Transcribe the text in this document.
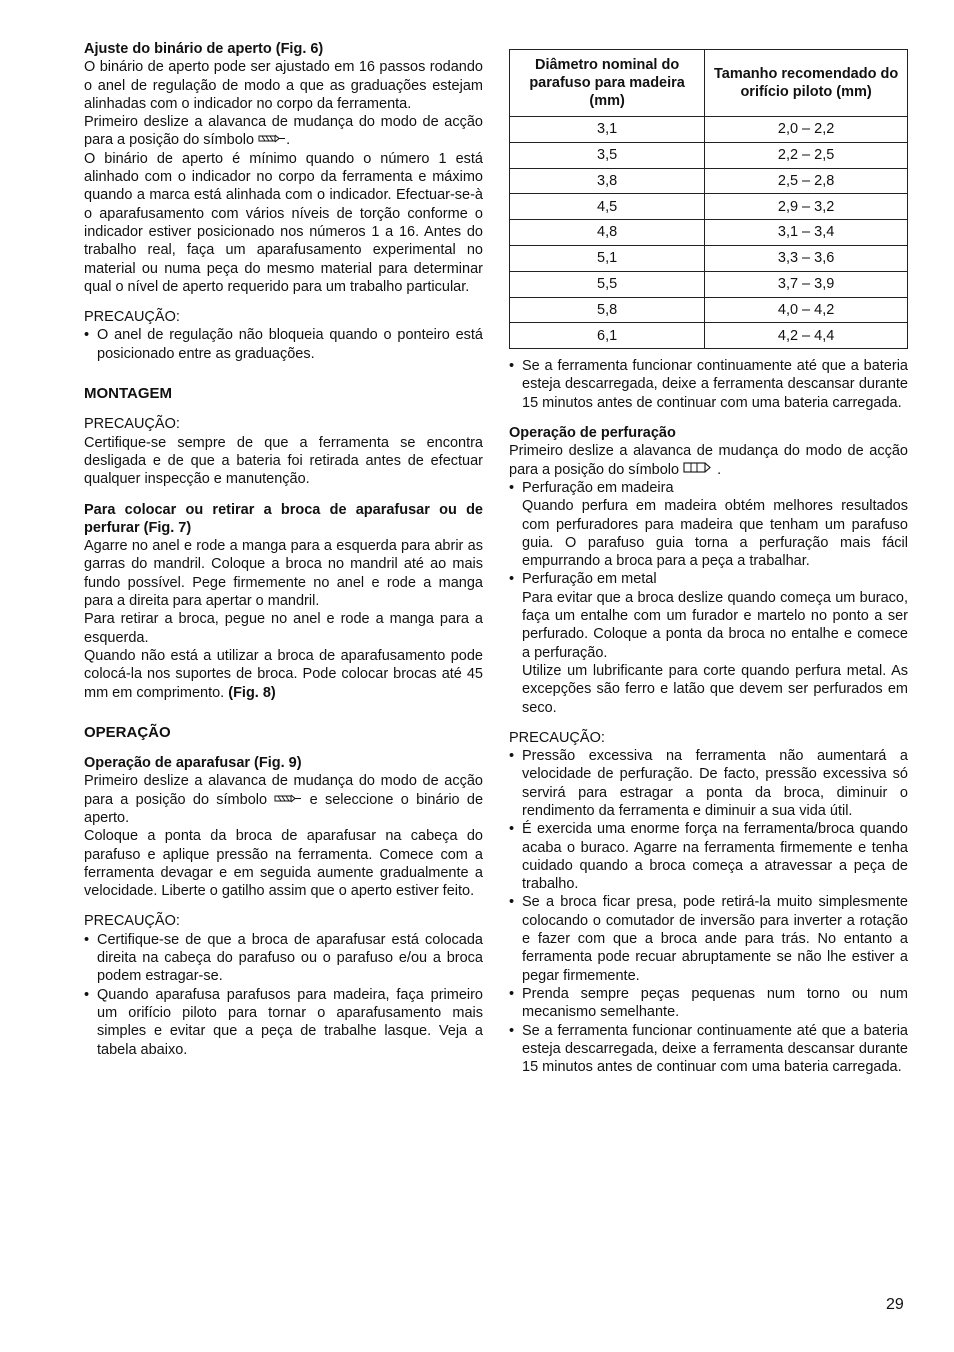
Ajuste do binário de aperto (Fig. 6)

O binário de aperto pode ser ajustado em 16 passos rodando o anel de regulação de modo a que as graduações estejam alinhadas com o indicador no corpo da ferramenta.

Primeiro deslize a alavanca de mudança do modo de acção para a posição do símbolo .

O binário de aperto é mínimo quando o número 1 está alinhado com o indicador no corpo da ferramenta e máximo quando a marca está alinhada com o indicador. Efectuar-se-à o aparafusamento com vários níveis de torção conforme o indicador estiver posicionado nos números 1 a 16. Antes do trabalho real, faça um aparafusamento experimental no material ou numa peça do mesmo material para determinar qual o nível de aperto requerido para um trabalho particular.

PRECAUÇÃO:

• O anel de regulação não bloqueia quando o ponteiro está posicionado entre as graduações.

MONTAGEM

PRECAUÇÃO:

Certifique-se sempre de que a ferramenta se encontra desligada e de que a bateria foi retirada antes de efectuar qualquer inspecção e manutenção.

Para colocar ou retirar a broca de aparafusar ou de perfurar (Fig. 7)

Agarre no anel e rode a manga para a esquerda para abrir as garras do mandril. Coloque a broca no mandril até ao mais fundo possível. Pege firmemente no anel e rode a manga para a direita para apertar o mandril.

Para retirar a broca, pegue no anel e rode a manga para a esquerda.

Quando não está a utilizar a broca de aparafusamento pode colocá-la nos suportes de broca. Pode colocar brocas até 45 mm em comprimento. (Fig. 8)

OPERAÇÃO

Operação de aparafusar (Fig. 9)

Primeiro deslize a alavanca de mudança do modo de acção para a posição do símbolo	e seleccione o binário de aperto.

Coloque a ponta da broca de aparafusar na cabeça do parafuso e aplique pressão na ferramenta. Comece com a ferramenta devagar e em seguida aumente gradualmente a velocidade. Liberte o gatilho assim que o aperto estiver feito.

PRECAUÇÃO:

• Certifique-se de que a broca de aparafusar está colocada direita na cabeça do parafuso ou o parafuso e/ou a broca podem estragar-se.
• Quando aparafusa parafusos para madeira, faça primeiro um orifício piloto para tornar o aparafusamento mais simples e evitar que a peça de trabalhe lasque. Veja a tabela abaixo.
Diâmetro nominal do parafuso para madeira (mm)	Tamanho recomendado do orifício piloto (mm)
3,1	2,0 – 2,2
3,5	2,2 – 2,5
3,8	2,5 – 2,8
4,5	2,9 – 3,2
4,8	3,1 – 3,4
5,1	3,3 – 3,6
5,5	3,7 – 3,9
5,8	4,0 – 4,2
6,1	4,2 – 4,4
• Se a ferramenta funcionar continuamente até que a bateria esteja descarregada, deixe a ferramenta descansar durante 15 minutos antes de continuar com uma bateria carregada.

Operação de perfuração

Primeiro deslize a alavanca de mudança do modo de acção para a posição do símbolo	.

• Perfuração em madeira

Quando perfura em madeira obtém melhores resultados com perfuradores para madeira que tenham um parafuso guia. O parafuso guia torna a perfuração mais fácil empurrando a broca para a peça a trabalhar.

• Perfuração em metal

Para evitar que a broca deslize quando começa um buraco, faça um entalhe com um furador e martelo no ponto a ser perfurado. Coloque a ponta da broca no entalhe e comece a perfuração.

Utilize um lubrificante para corte quando perfura metal. As excepções são ferro e latão que devem ser perfurados em seco.

PRECAUÇÃO:

• Pressão excessiva na ferramenta não aumentará a velocidade de perfuração. De facto, pressão excessiva só servirá para estragar a ponta da broca, diminuir o rendimento da ferramenta e diminuir a sua vida útil.
• É exercida uma enorme força na ferramenta/broca quando acaba o buraco. Agarre na ferramenta firmemente e tenha cuidado quando a broca começa a atravessar a peça de trabalho.
• Se a broca ficar presa, pode retirá-la muito simplesmente colocando o comutador de inversão para inverter a rotação e fazer com que a broca ande para trás. No entanto a ferramenta pode recuar abruptamente se não lhe estiver a pegar firmemente.
• Prenda sempre peças pequenas num torno ou num mecanismo semelhante.
• Se a ferramenta funcionar continuamente até que a bateria esteja descarregada, deixe a ferramenta descansar durante 15 minutos antes de continuar com uma bateria carregada.
29
